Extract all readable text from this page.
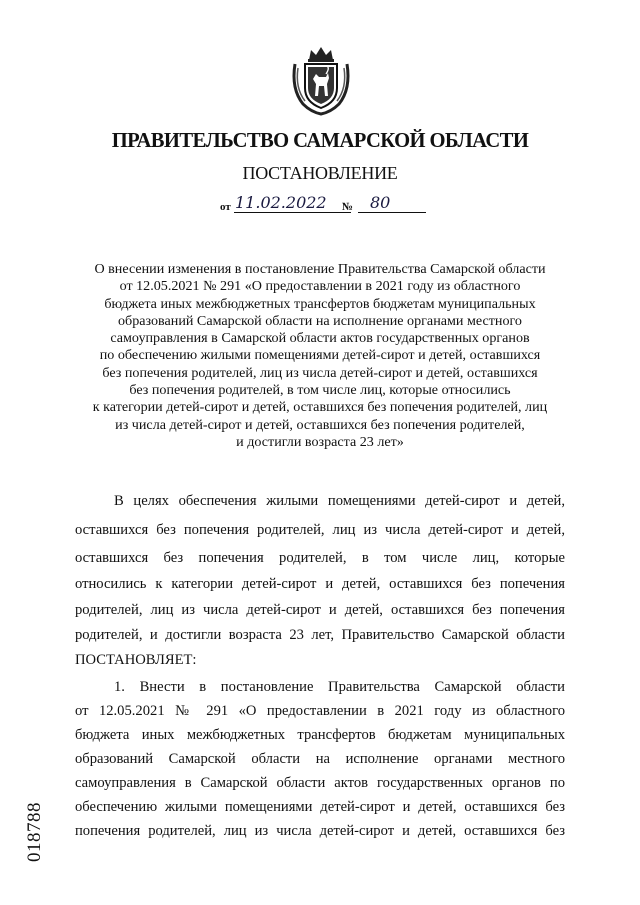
ПРАВИТЕЛЬСТВО САМАРСКОЙ ОБЛАСТИ
ПОСТАНОВЛЕНИЕ
от 11.02.2022 № 80
О внесении изменения в постановление Правительства Самарской области
от 12.05.2021 № 291 «О предоставлении в 2021 году из областного
бюджета иных межбюджетных трансфертов бюджетам муниципальных
образований Самарской области на исполнение органами местного
самоуправления в Самарской области актов государственных органов
по обеспечению жилыми помещениями детей-сирот и детей, оставшихся
без попечения родителей, лиц из числа детей-сирот и детей, оставшихся
без попечения родителей, в том числе лиц, которые относились
к категории детей-сирот и детей, оставшихся без попечения родителей, лиц
из числа детей-сирот и детей, оставшихся без попечения родителей,
и достигли возраста 23 лет»
В целях обеспечения жилыми помещениями детей-сирот и детей,
оставшихся без попечения родителей, лиц из числа детей-сирот и детей,
оставшихся без попечения родителей, в том числе лиц, которые
относились к категории детей-сирот и детей, оставшихся без попечения
родителей, лиц из числа детей-сирот и детей, оставшихся без попечения
родителей, и достигли возраста 23 лет, Правительство Самарской области
ПОСТАНОВЛЯЕТ:
1. Внести в постановление Правительства Самарской области
от 12.05.2021 № 291 «О предоставлении в 2021 году из областного
бюджета иных межбюджетных трансфертов бюджетам муниципальных
образований Самарской области на исполнение органами местного
самоуправления в Самарской области актов государственных органов по
обеспечению жилыми помещениями детей-сирот и детей, оставшихся без
попечения родителей, лиц из числа детей-сирот и детей, оставшихся без
018788
